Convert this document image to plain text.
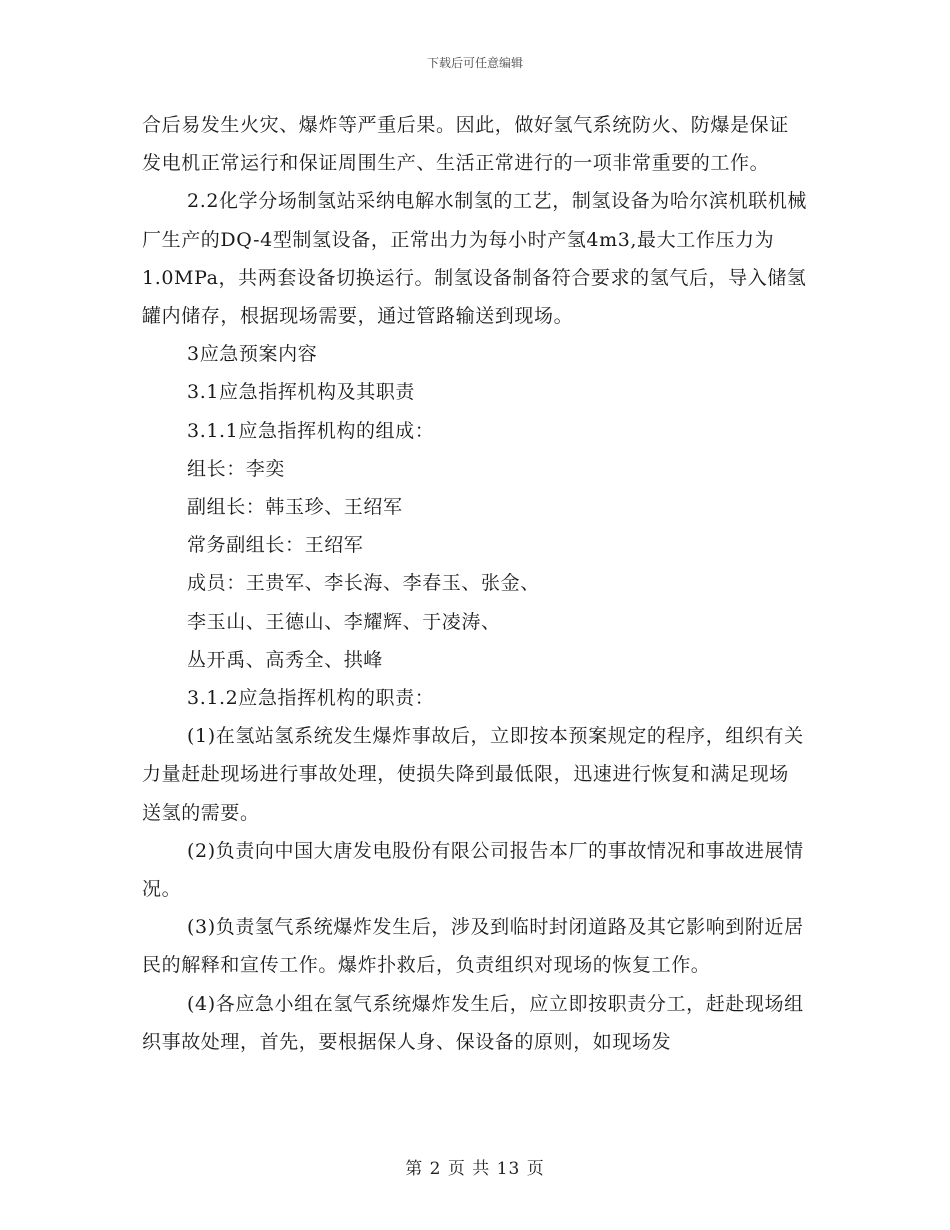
下载后可任意编辑

合后易发生火灾、爆炸等严重后果。因此，做好氢气系统防火、防爆是保证发电机正常运行和保证周围生产、生活正常进行的一项非常重要的工作。

2.2化学分场制氢站采纳电解水制氢的工艺，制氢设备为哈尔滨机联机械厂生产的DQ-4型制氢设备，正常出力为每小时产氢4m3,最大工作压力为1.0MPa，共两套设备切换运行。制氢设备制备符合要求的氢气后，导入储氢罐内储存，根据现场需要，通过管路输送到现场。

3应急预案内容

3.1应急指挥机构及其职责

3.1.1应急指挥机构的组成：

组长：李奕

副组长：韩玉珍、王绍军

常务副组长：王绍军

成员：王贵军、李长海、李春玉、张金、

李玉山、王德山、李耀辉、于凌涛、

丛开禹、高秀全、拱峰

3.1.2应急指挥机构的职责：

(1)在氢站氢系统发生爆炸事故后，立即按本预案规定的程序，组织有关力量赶赴现场进行事故处理，使损失降到最低限，迅速进行恢复和满足现场送氢的需要。

(2)负责向中国大唐发电股份有限公司报告本厂的事故情况和事故进展情况。

(3)负责氢气系统爆炸发生后，涉及到临时封闭道路及其它影响到附近居民的解释和宣传工作。爆炸扑救后，负责组织对现场的恢复工作。

(4)各应急小组在氢气系统爆炸发生后，应立即按职责分工，赶赴现场组织事故处理，首先，要根据保人身、保设备的原则，如现场发

第 2 页 共 13 页
